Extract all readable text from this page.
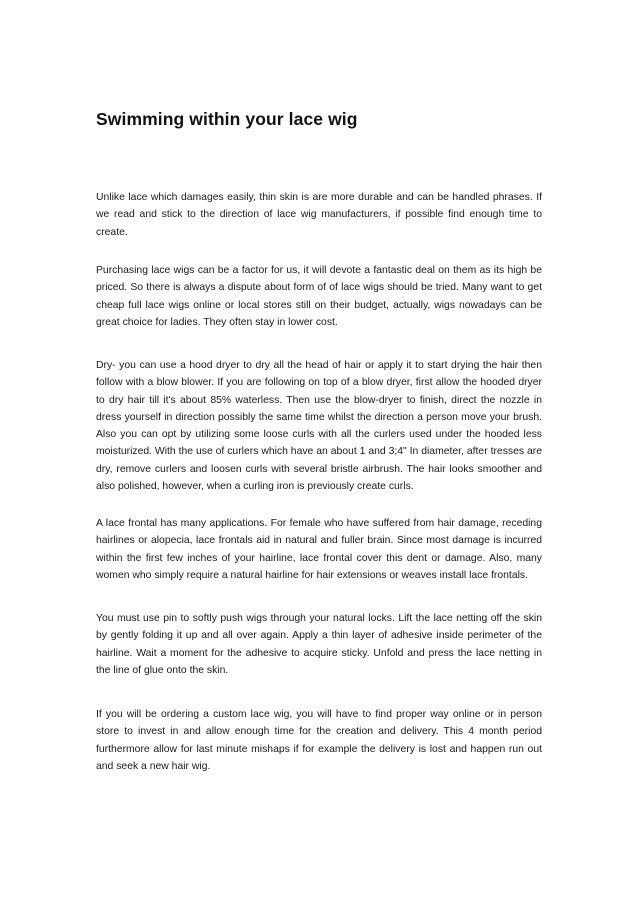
Swimming within your lace wig

Unlike lace which damages easily, thin skin is are more durable and can be handled phrases. If we read and stick to the direction of lace wig manufacturers, if possible find enough time to create.

Purchasing lace wigs can be a factor for us, it will devote a fantastic deal on them as its high be priced. So there is always a dispute about form of of lace wigs should be tried. Many want to get cheap full lace wigs online or local stores still on their budget, actually, wigs nowadays can be great choice for ladies. They often stay in lower cost.

Dry- you can use a hood dryer to dry all the head of hair or apply it to start drying the hair then follow with a blow blower. If you are following on top of a blow dryer, first allow the hooded dryer to dry hair till it's about 85% waterless. Then use the blow-dryer to finish, direct the nozzle in dress yourself in direction possibly the same time whilst the direction a person move your brush. Also you can opt by utilizing some loose curls with all the curlers used under the hooded less moisturized. With the use of curlers which have an about 1 and 3;4" In diameter, after tresses are dry, remove curlers and loosen curls with several bristle airbrush. The hair looks smoother and also polished, however, when a curling iron is previously create curls.

A lace frontal has many applications. For female who have suffered from hair damage, receding hairlines or alopecia, lace frontals aid in natural and fuller brain. Since most damage is incurred within the first few inches of your hairline, lace frontal cover this dent or damage. Also, many women who simply require a natural hairline for hair extensions or weaves install lace frontals.

You must use pin to softly push wigs through your natural locks. Lift the lace netting off the skin by gently folding it up and all over again. Apply a thin layer of adhesive inside perimeter of the hairline. Wait a moment for the adhesive to acquire sticky. Unfold and press the lace netting in the line of glue onto the skin.

If you will be ordering a custom lace wig, you will have to find proper way online or in person store to invest in and allow enough time for the creation and delivery. This 4 month period furthermore allow for last minute mishaps if for example the delivery is lost and happen run out and seek a new hair wig.
